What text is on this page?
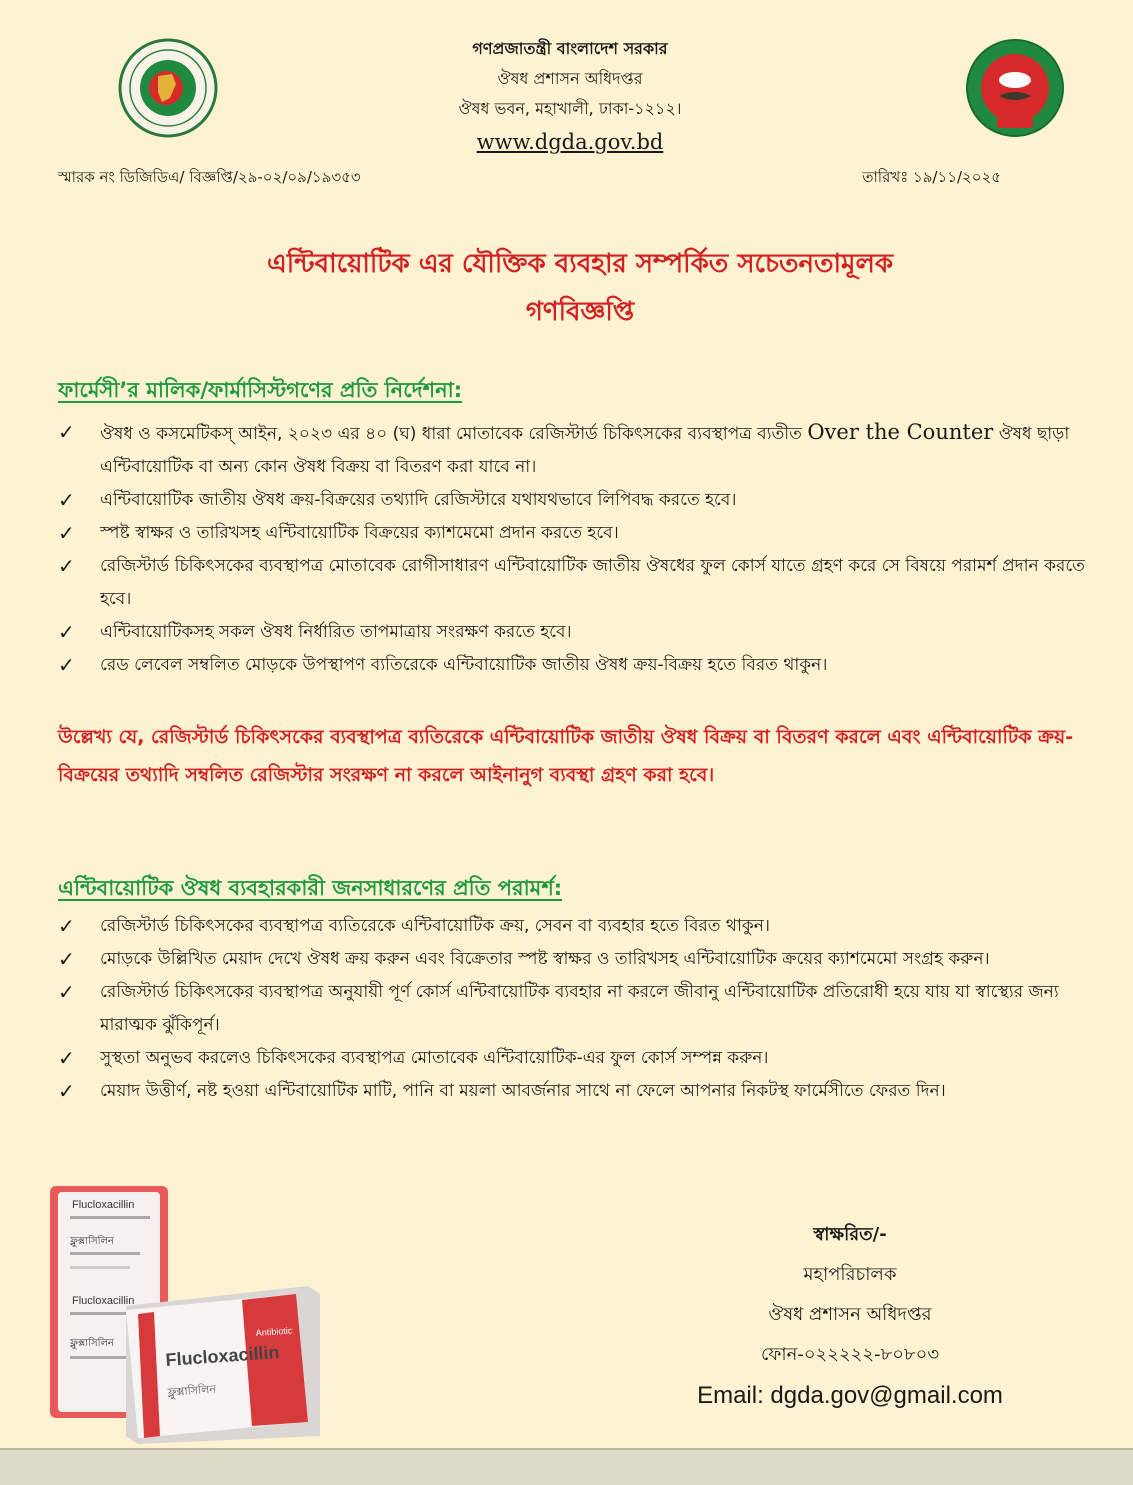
গণপ্রজাতন্ত্রী বাংলাদেশ সরকার
ঔষধ প্রশাসন অধিদপ্তর
ঔষধ ভবন, মহাখালী, ঢাকা-১২১২।
www.dgda.gov.bd
স্মারক নং ডিজিডিএ/ বিজ্ঞপ্তি/২৯-০২/০৯/১৯৩৫৩	তারিখঃ ১৯/১১/২০২৫
এন্টিবায়োটিক এর যৌক্তিক ব্যবহার সম্পর্কিত সচেতনতামূলক
গণবিজ্ঞপ্তি
ফার্মেসী’র মালিক/ফার্মাসিস্টগণের প্রতি নির্দেশনা:
✓ ঔষধ ও কসমেটিকস্ আইন, ২০২৩ এর ৪০ (ঘ) ধারা মোতাবেক রেজিস্টার্ড চিকিৎসকের ব্যবস্থাপত্র ব্যতীত Over the Counter ঔষধ ছাড়া এন্টিবায়োটিক বা অন্য কোন ঔষধ বিক্রয় বা বিতরণ করা যাবে না।
✓ এন্টিবায়োটিক জাতীয় ঔষধ ক্রয়-বিক্রয়ের তথ্যাদি রেজিস্টারে যথাযথভাবে লিপিবদ্ধ করতে হবে।
✓ স্পষ্ট স্বাক্ষর ও তারিখসহ এন্টিবায়োটিক বিক্রয়ের ক্যাশমেমো প্রদান করতে হবে।
✓ রেজিস্টার্ড চিকিৎসকের ব্যবস্থাপত্র মোতাবেক রোগীসাধারণ এন্টিবায়োটিক জাতীয় ঔষধের ফুল কোর্স যাতে গ্রহণ করে সে বিষয়ে পরামর্শ প্রদান করতে হবে।
✓ এন্টিবায়োটিকসহ সকল ঔষধ নির্ধারিত তাপমাত্রায় সংরক্ষণ করতে হবে।
✓ রেড লেবেল সম্বলিত মোড়কে উপস্থাপণ ব্যতিরেকে এন্টিবায়োটিক জাতীয় ঔষধ ক্রয়-বিক্রয় হতে বিরত থাকুন।
উল্লেখ্য যে, রেজিস্টার্ড চিকিৎসকের ব্যবস্থাপত্র ব্যতিরেকে এন্টিবায়োটিক জাতীয় ঔষধ বিক্রয় বা বিতরণ করলে এবং এন্টিবায়োটিক ক্রয়-বিক্রয়ের তথ্যাদি সম্বলিত রেজিস্টার সংরক্ষণ না করলে আইনানুগ ব্যবস্থা গ্রহণ করা হবে।
এন্টিবায়োটিক ঔষধ ব্যবহারকারী জনসাধারণের প্রতি পরামর্শ:
✓ রেজিস্টার্ড চিকিৎসকের ব্যবস্থাপত্র ব্যতিরেকে এন্টিবায়োটিক ক্রয়, সেবন বা ব্যবহার হতে বিরত থাকুন।
✓ মোড়কে উল্লিখিত মেয়াদ দেখে ঔষধ ক্রয় করুন এবং বিক্রেতার স্পষ্ট স্বাক্ষর ও তারিখসহ এন্টিবায়োটিক ক্রয়ের ক্যাশমেমো সংগ্রহ করুন।
✓ রেজিস্টার্ড চিকিৎসকের ব্যবস্থাপত্র অনুযায়ী পূর্ণ কোর্স এন্টিবায়োটিক ব্যবহার না করলে জীবানু এন্টিবায়োটিক প্রতিরোধী হয়ে যায় যা স্বাস্থ্যের জন্য মারাত্মক ঝুঁকিপূর্ন।
✓ সুস্থতা অনুভব করলেও চিকিৎসকের ব্যবস্থাপত্র মোতাবেক এন্টিবায়োটিক-এর ফুল কোর্স সম্পন্ন করুন।
✓ মেয়াদ উত্তীর্ণ, নষ্ট হওয়া এন্টিবায়োটিক মাটি, পানি বা ময়লা আবর্জনার সাথে না ফেলে আপনার নিকটস্থ ফার্মেসীতে ফেরত দিন।
Flucloxacillin
ফ্লুক্সাসিলিন
Flucloxacillin
ফ্লুক্সাসিলিন	Flucloxacillin
ফ্লুক্সাসিলিন
Antibiotic
স্বাক্ষরিত/-
মহাপরিচালক
ঔষধ প্রশাসন অধিদপ্তর
ফোন-০২২২২২-৮০৮০৩
Email: dgda.gov@gmail.com
